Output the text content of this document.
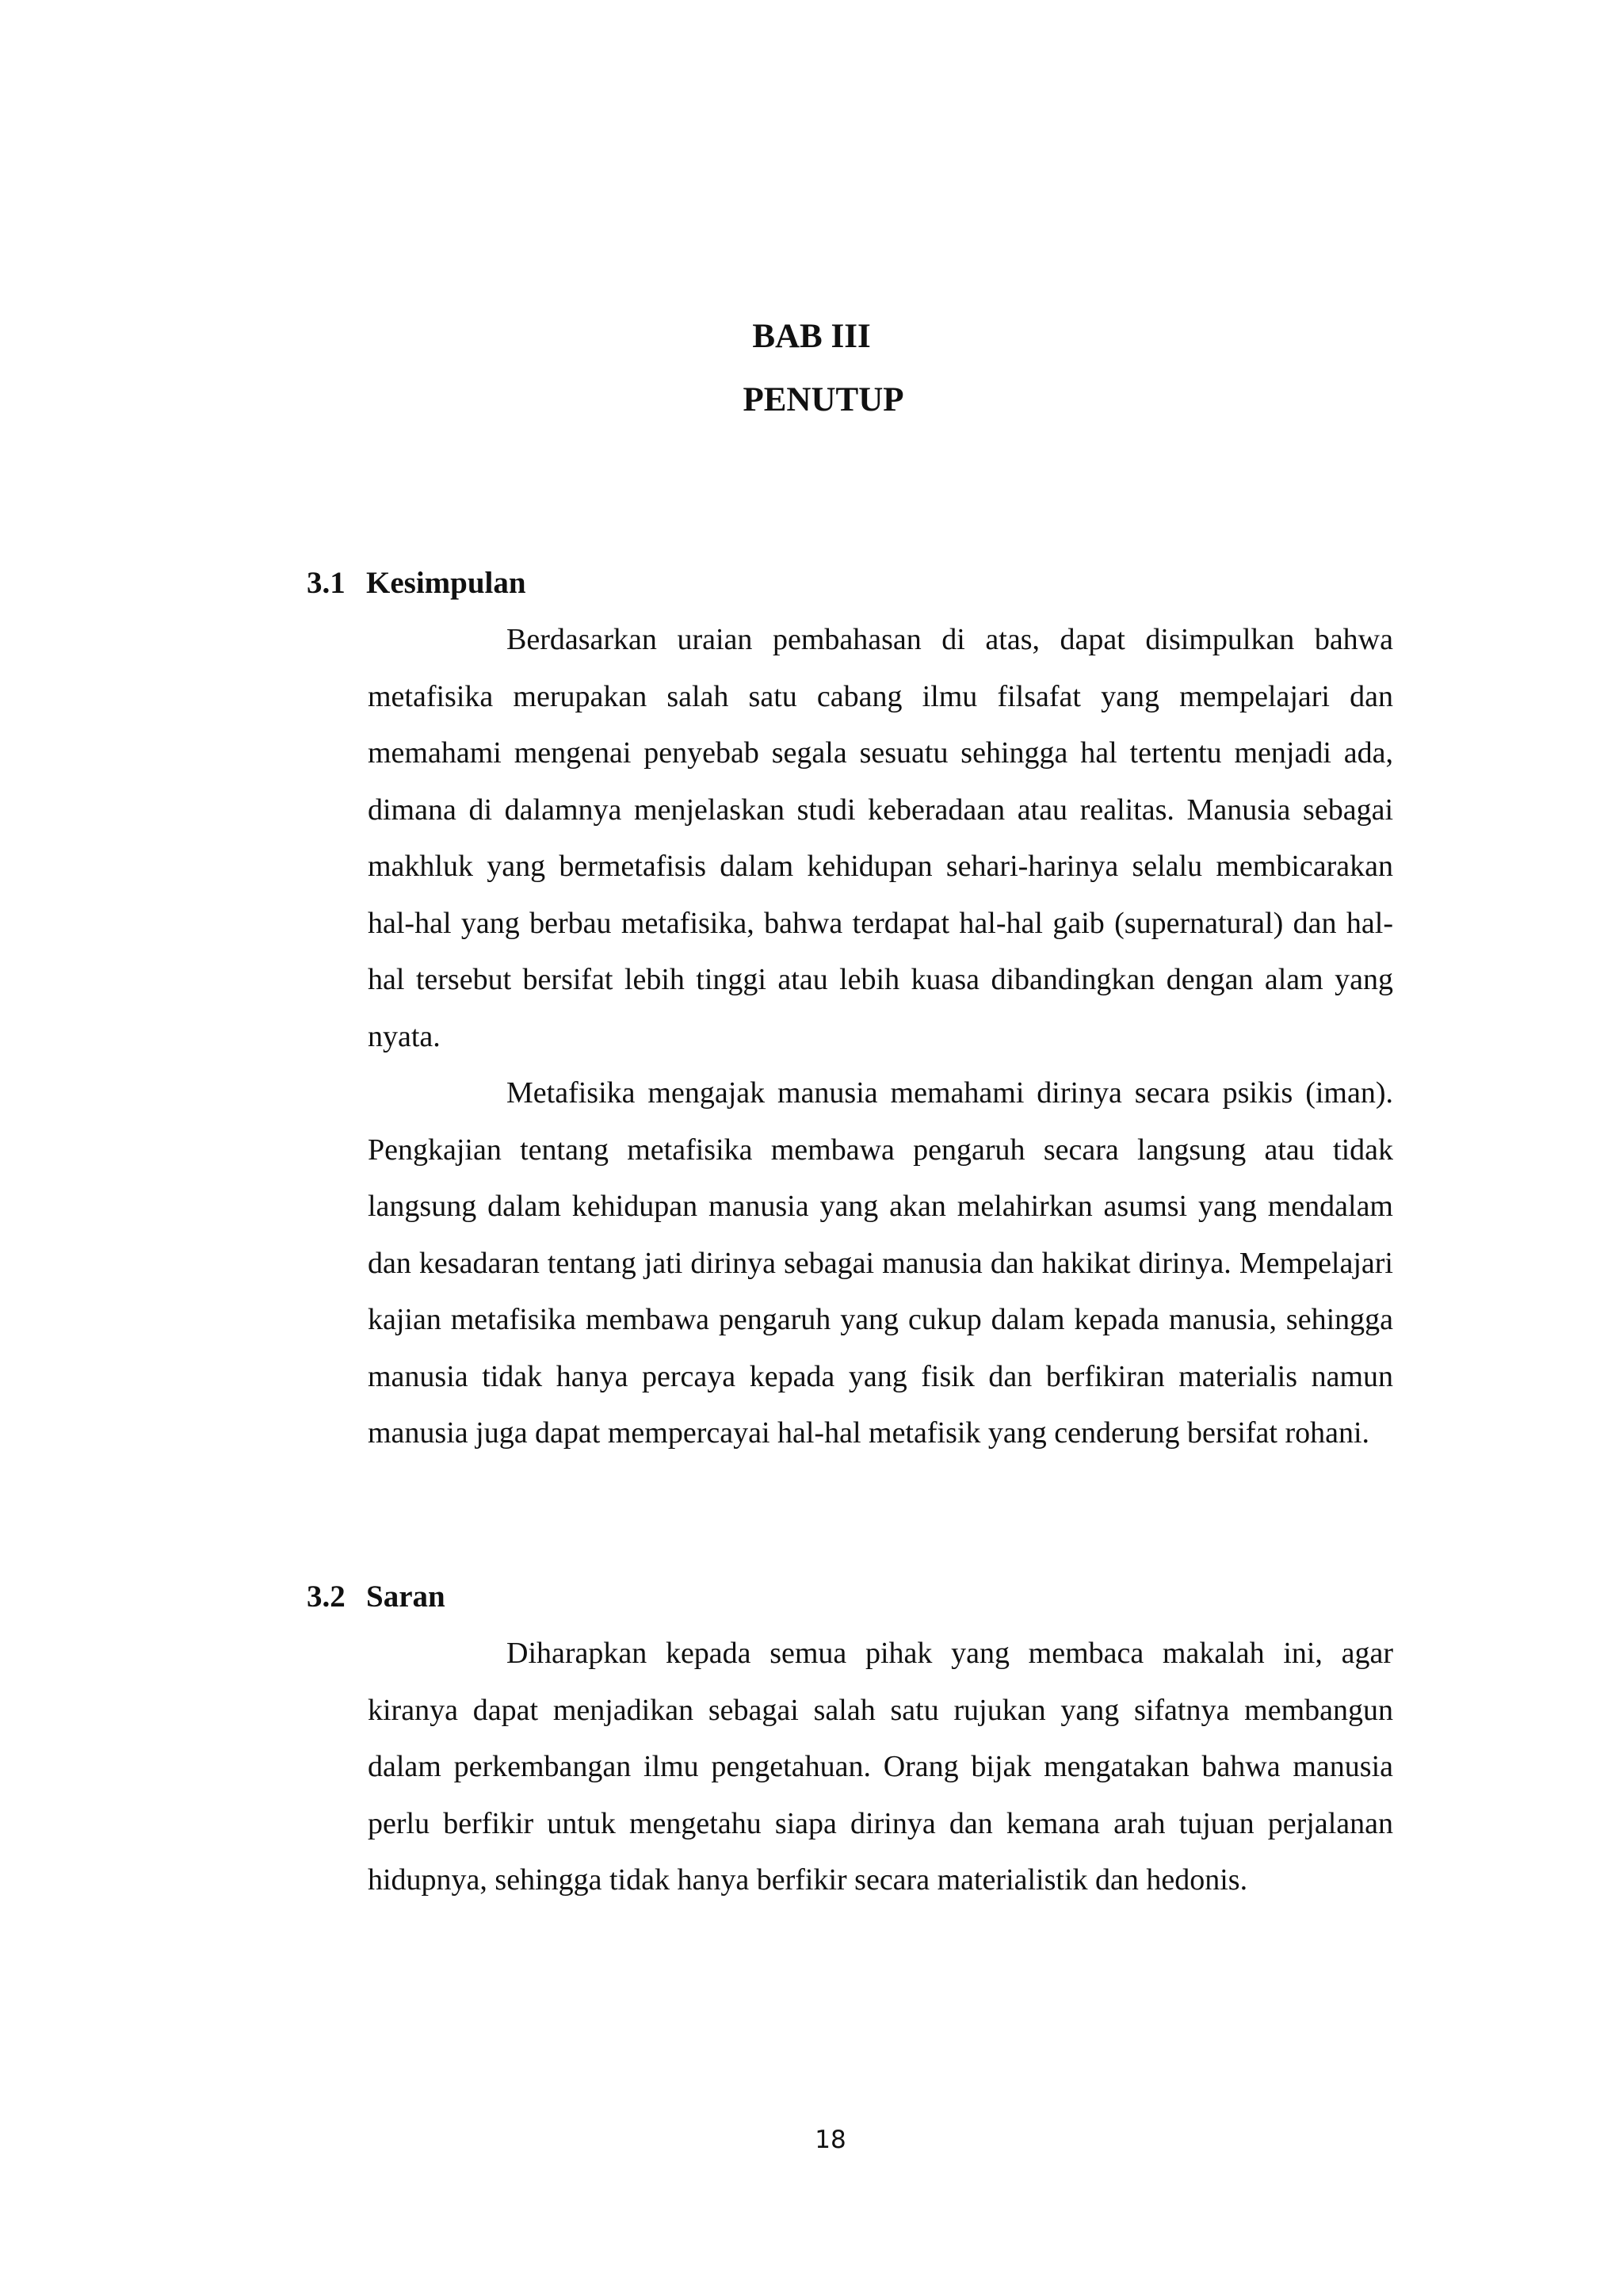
BAB III
PENUTUP
3.1 Kesimpulan

Berdasarkan uraian pembahasan di atas, dapat disimpulkan bahwa metafisika merupakan salah satu cabang ilmu filsafat yang mempelajari dan memahami mengenai penyebab segala sesuatu sehingga hal tertentu menjadi ada, dimana di dalamnya menjelaskan studi keberadaan atau realitas. Manusia sebagai makhluk yang bermetafisis dalam kehidupan sehari-harinya selalu membicarakan hal-hal yang berbau metafisika, bahwa terdapat hal-hal gaib (supernatural) dan hal-hal tersebut bersifat lebih tinggi atau lebih kuasa dibandingkan dengan alam yang nyata.

Metafisika mengajak manusia memahami dirinya secara psikis (iman). Pengkajian tentang metafisika membawa pengaruh secara langsung atau tidak langsung dalam kehidupan manusia yang akan melahirkan asumsi yang mendalam dan kesadaran tentang jati dirinya sebagai manusia dan hakikat dirinya. Mempelajari kajian metafisika membawa pengaruh yang cukup dalam kepada manusia, sehingga manusia tidak hanya percaya kepada yang fisik dan berfikiran materialis namun manusia juga dapat mempercayai hal-hal metafisik yang cenderung bersifat rohani.

3.2 Saran

Diharapkan kepada semua pihak yang membaca makalah ini, agar kiranya dapat menjadikan sebagai salah satu rujukan yang sifatnya membangun dalam perkembangan ilmu pengetahuan. Orang bijak mengatakan bahwa manusia perlu berfikir untuk mengetahu siapa dirinya dan kemana arah tujuan perjalanan hidupnya, sehingga tidak hanya berfikir secara materialistik dan hedonis.

18
